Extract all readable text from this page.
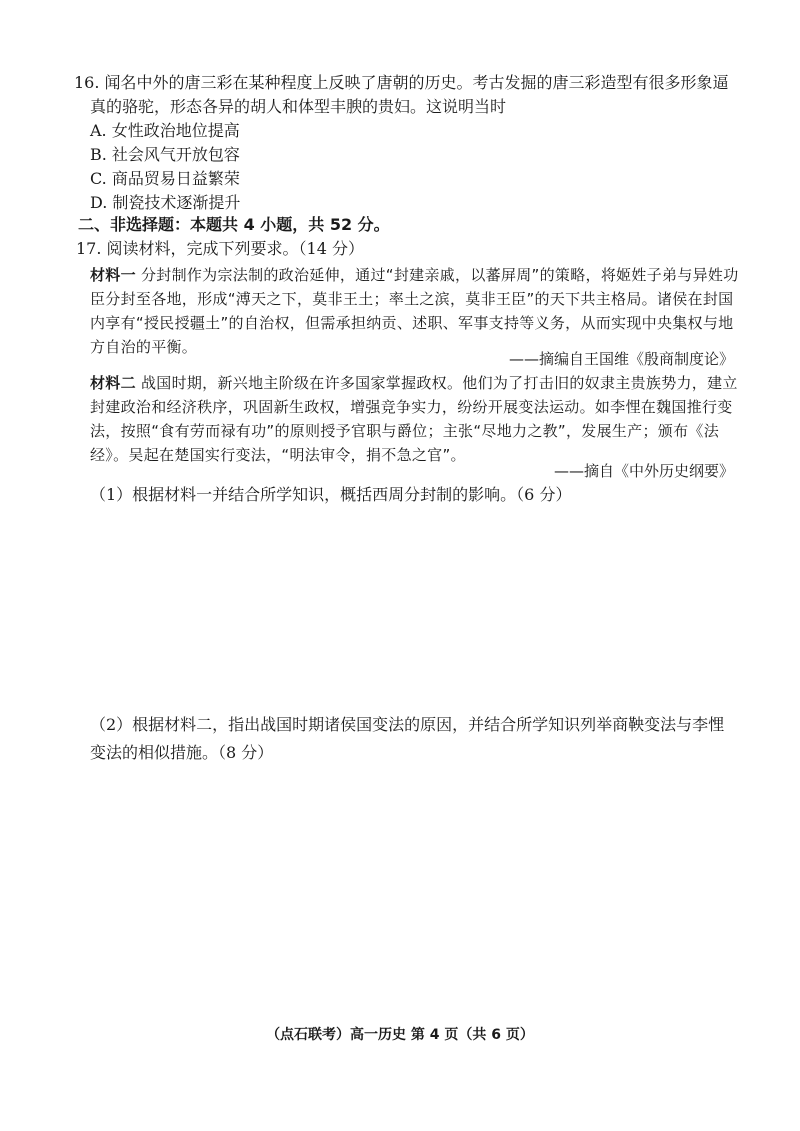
16. 闻名中外的唐三彩在某种程度上反映了唐朝的历史。考古发掘的唐三彩造型有很多形象逼真的骆驼，形态各异的胡人和体型丰腴的贵妇。这说明当时
A. 女性政治地位提高
B. 社会风气开放包容
C. 商品贸易日益繁荣
D. 制瓷技术逐渐提升
二、非选择题：本题共 4 小题，共 52 分。
17. 阅读材料，完成下列要求。（14 分）
材料一 分封制作为宗法制的政治延伸，通过“封建亲戚，以蕃屏周”的策略，将姬姓子弟与异姓功臣分封至各地，形成“溥天之下，莫非王土；率土之滨，莫非王臣”的天下共主格局。诸侯在封国内享有“授民授疆土”的自治权，但需承担纳贡、述职、军事支持等义务，从而实现中央集权与地方自治的平衡。
——摘编自王国维《殷商制度论》
材料二 战国时期，新兴地主阶级在许多国家掌握政权。他们为了打击旧的奴隶主贵族势力，建立封建政治和经济秩序，巩固新生政权，增强竞争实力，纷纷开展变法运动。如李悝在魏国推行变法，按照“食有劳而禄有功”的原则授予官职与爵位；主张“尽地力之教”，发展生产；颁布《法经》。吴起在楚国实行变法，“明法审令，捐不急之官”。
——摘自《中外历史纲要》
（1）根据材料一并结合所学知识，概括西周分封制的影响。（6 分）
（2）根据材料二，指出战国时期诸侯国变法的原因，并结合所学知识列举商鞅变法与李悝变法的相似措施。（8 分）
（点石联考）高一历史 第 4 页（共 6 页）
